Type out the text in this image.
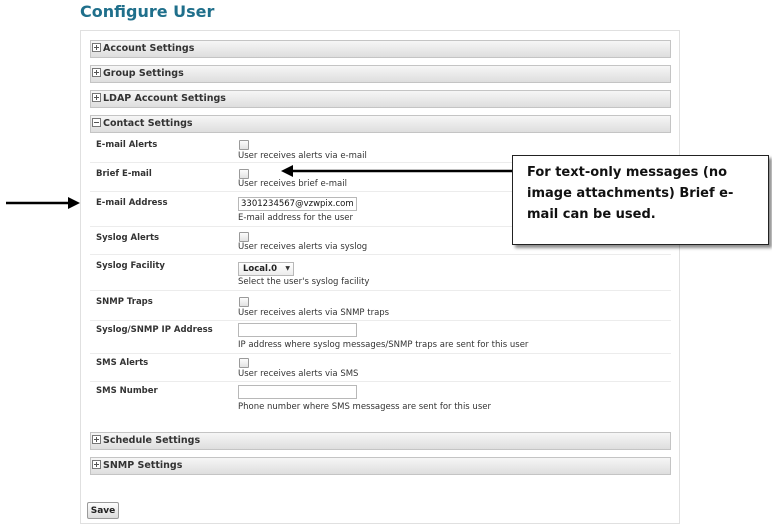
Configure User
Account Settings
Group Settings
LDAP Account Settings
Contact Settings
E-mail Alerts
User receives alerts via e-mail
Brief E-mail
User receives brief e-mail
E-mail Address	3301234567@vzwpix.com
E-mail address for the user
Syslog Alerts
User receives alerts via syslog
Syslog Facility	Local.0 ▼
Select the user's syslog facility
SNMP Traps
User receives alerts via SNMP traps
Syslog/SNMP IP Address
IP address where syslog messages/SNMP traps are sent for this user
SMS Alerts
User receives alerts via SMS
SMS Number
Phone number where SMS messagess are sent for this user
Schedule Settings
SNMP Settings
Save
For text-only messages (no
image attachments) Brief e-
mail can be used.
